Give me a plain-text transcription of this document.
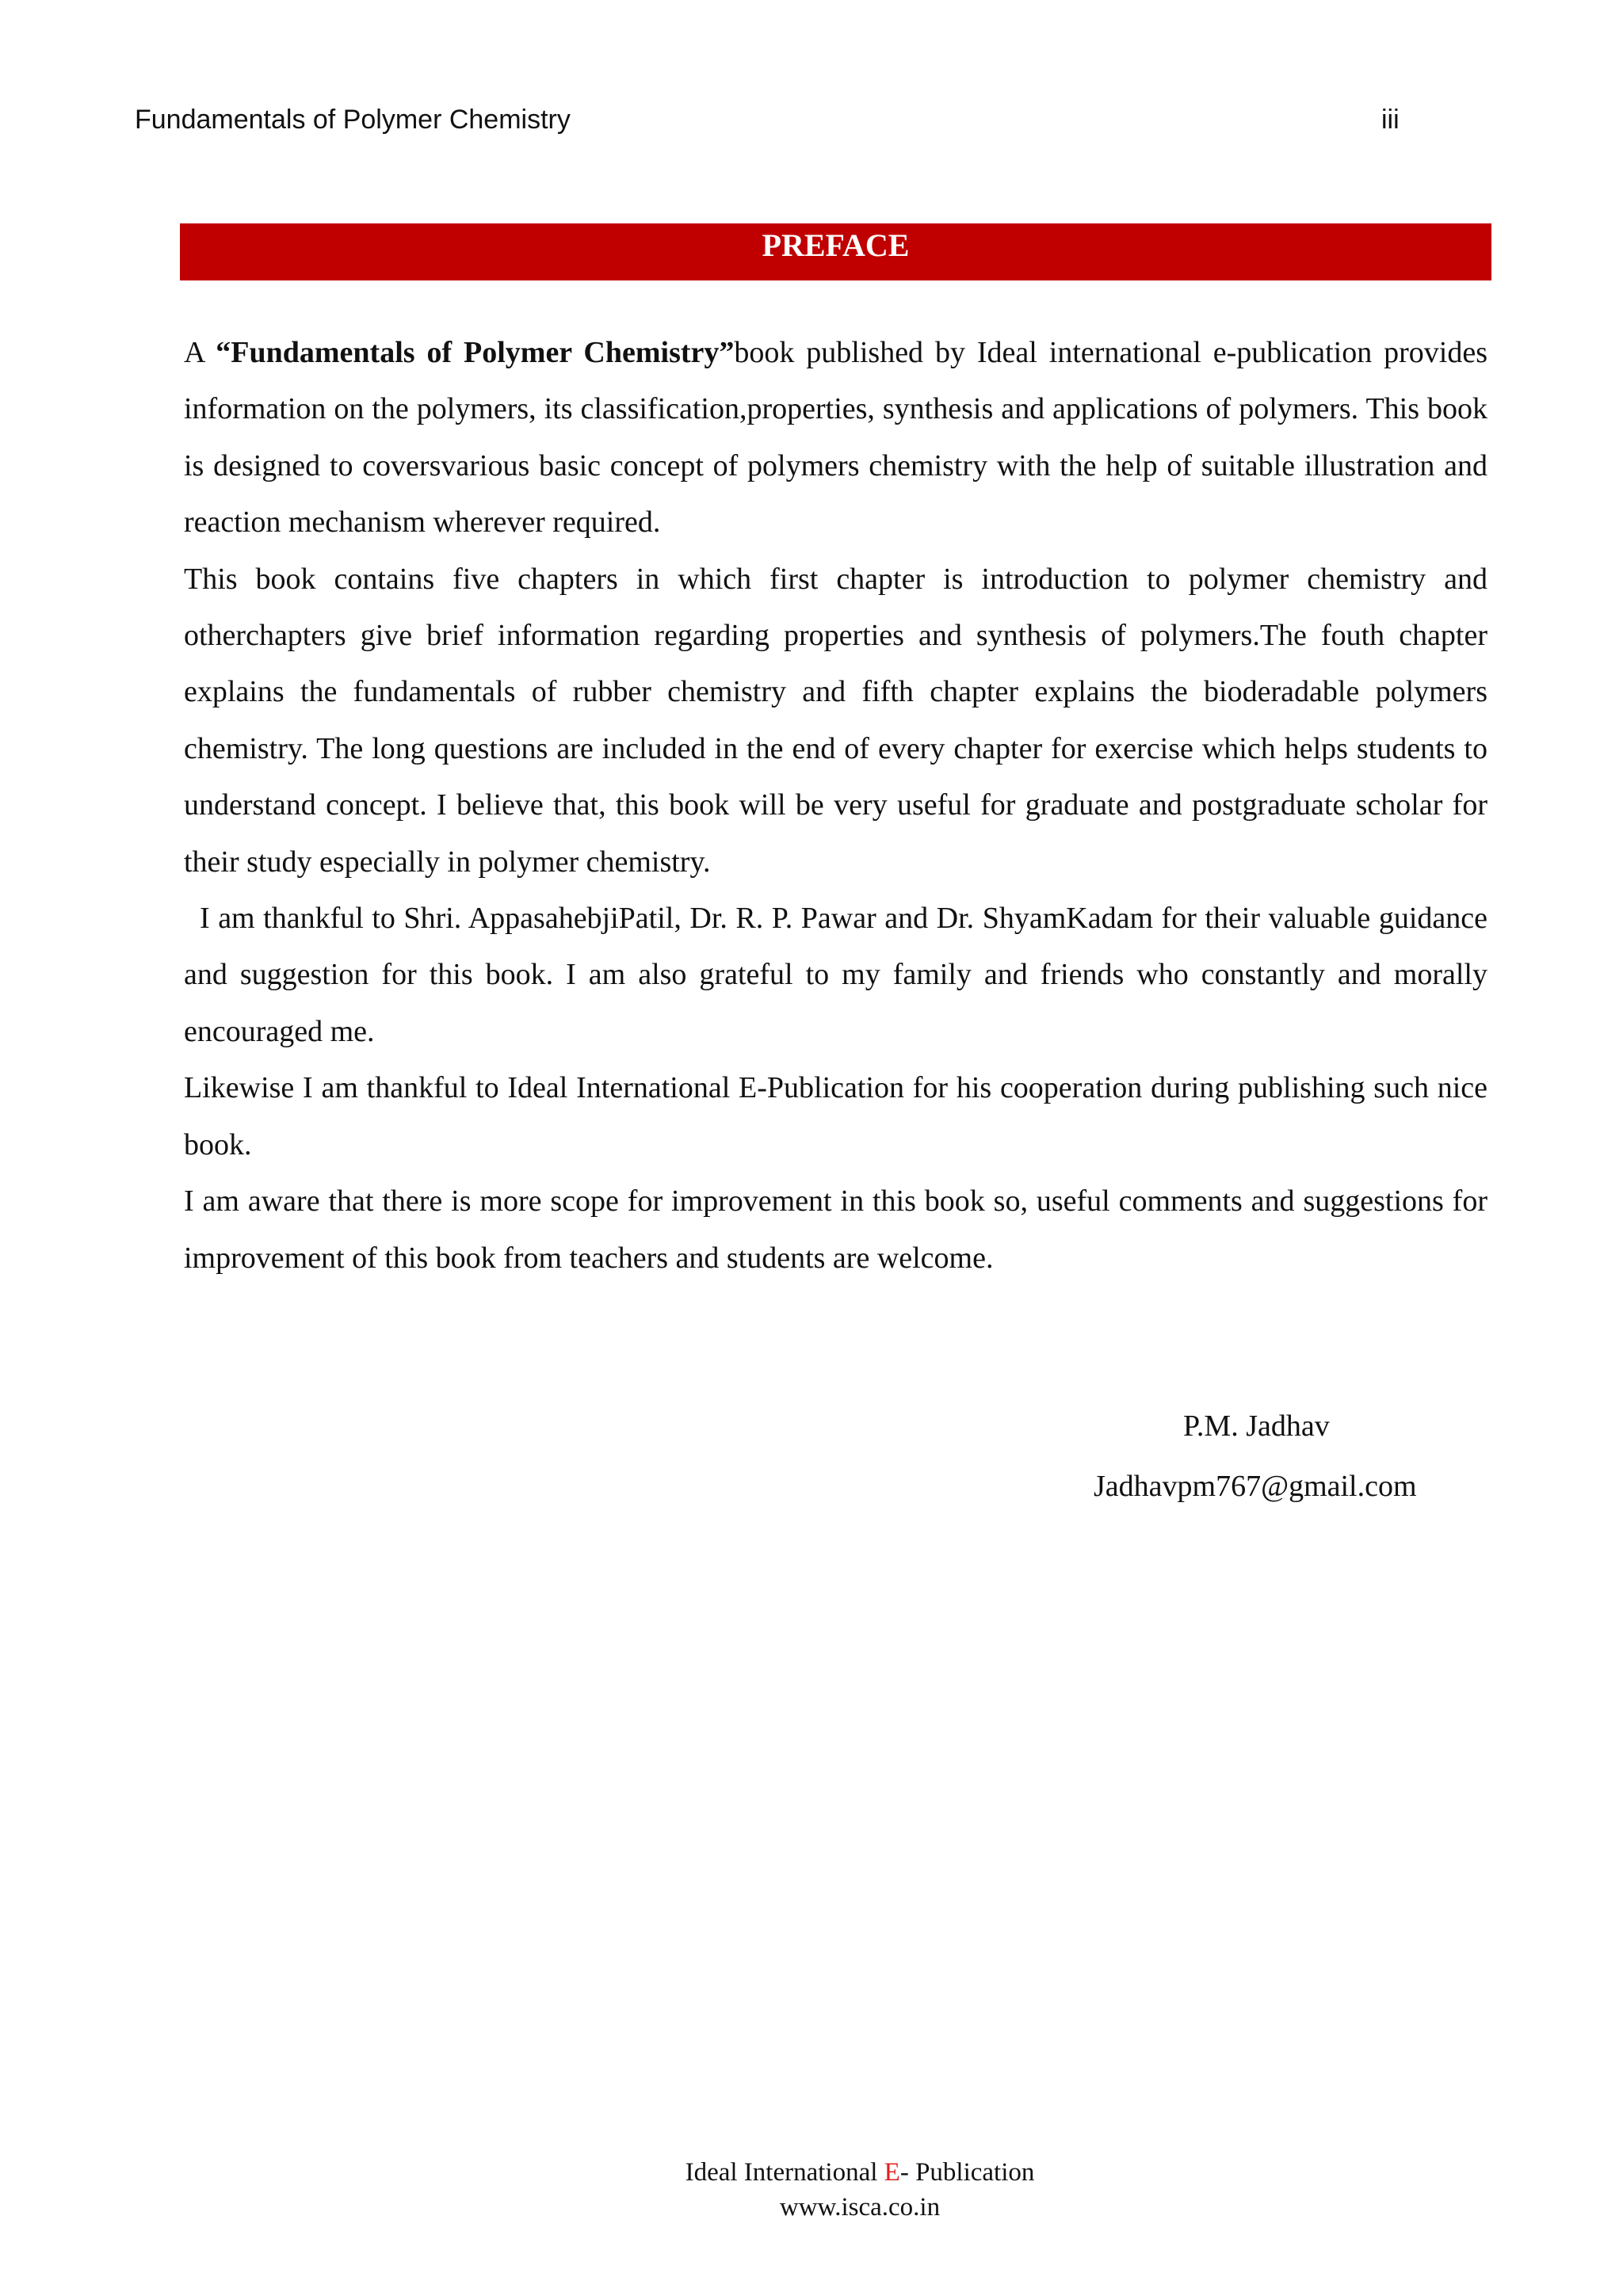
Fundamentals of Polymer Chemistry	iii
PREFACE

A “Fundamentals of Polymer Chemistry”book published by Ideal international e-publication provides information on the polymers, its classification,properties, synthesis and applications of polymers. This book is designed to coversvarious basic concept of polymers chemistry with the help of suitable illustration and reaction mechanism wherever required.

This book contains five chapters in which first chapter is introduction to polymer chemistry and otherchapters give brief information regarding properties and synthesis of polymers.The fouth chapter explains the fundamentals of rubber chemistry and fifth chapter explains the bioderadable polymers chemistry. The long questions are included in the end of every chapter for exercise which helps students to understand concept. I believe that, this book will be very useful for graduate and postgraduate scholar for their study especially in polymer chemistry.

I am thankful to Shri. AppasahebjiPatil, Dr. R. P. Pawar and Dr. ShyamKadam for their valuable guidance and suggestion for this book. I am also grateful to my family and friends who constantly and morally encouraged me.

Likewise I am thankful to Ideal International E-Publication for his cooperation during publishing such nice book.

I am aware that there is more scope for improvement in this book so, useful comments and suggestions for improvement of this book from teachers and students are welcome.

P.M. Jadhav
Jadhavpm767@gmail.com
Ideal International E- Publication
www.isca.co.in
